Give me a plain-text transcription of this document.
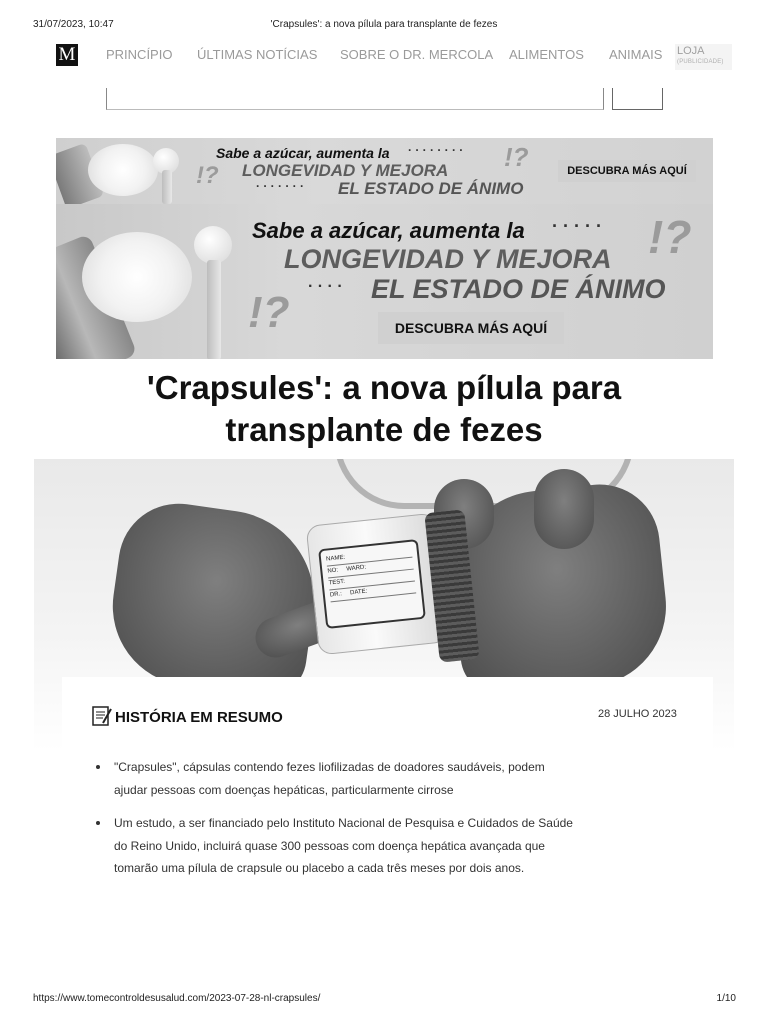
31/07/2023, 10:47	'Crapsules': a nova pílula para transplante de fezes
M PRINCÍPIO ÚLTIMAS NOTÍCIAS SOBRE O DR. MERCOLA ALIMENTOS ANIMAIS LOJA
(PUBLICIDADE)
Sabe a azúcar, aumenta la · · · · · · · ·
LONGEVIDAD Y MEJORA
· · · · · · · EL ESTADO DE ÁNIMO
!?
!?	DESCUBRA MÁS AQUÍ
Sabe a azúcar, aumenta la · · · · ·
LONGEVIDAD Y MEJORA
· · · · EL ESTADO DE ÁNIMO
!?
!?
DESCUBRA MÁS AQUÍ
'Crapsules': a nova pílula para transplante de fezes
NAME:
NO: WARD:
TEST:
DR.: DATE:
HISTÓRIA EM RESUMO	28 JULHO 2023
"Crapsules", cápsulas contendo fezes liofilizadas de doadores saudáveis, podem ajudar pessoas com doenças hepáticas, particularmente cirrose
Um estudo, a ser financiado pelo Instituto Nacional de Pesquisa e Cuidados de Saúde do Reino Unido, incluirá quase 300 pessoas com doença hepática avançada que tomarão uma pílula de crapsule ou placebo a cada três meses por dois anos.
https://www.tomecontroldesusalud.com/2023-07-28-nl-crapsules/	1/10
